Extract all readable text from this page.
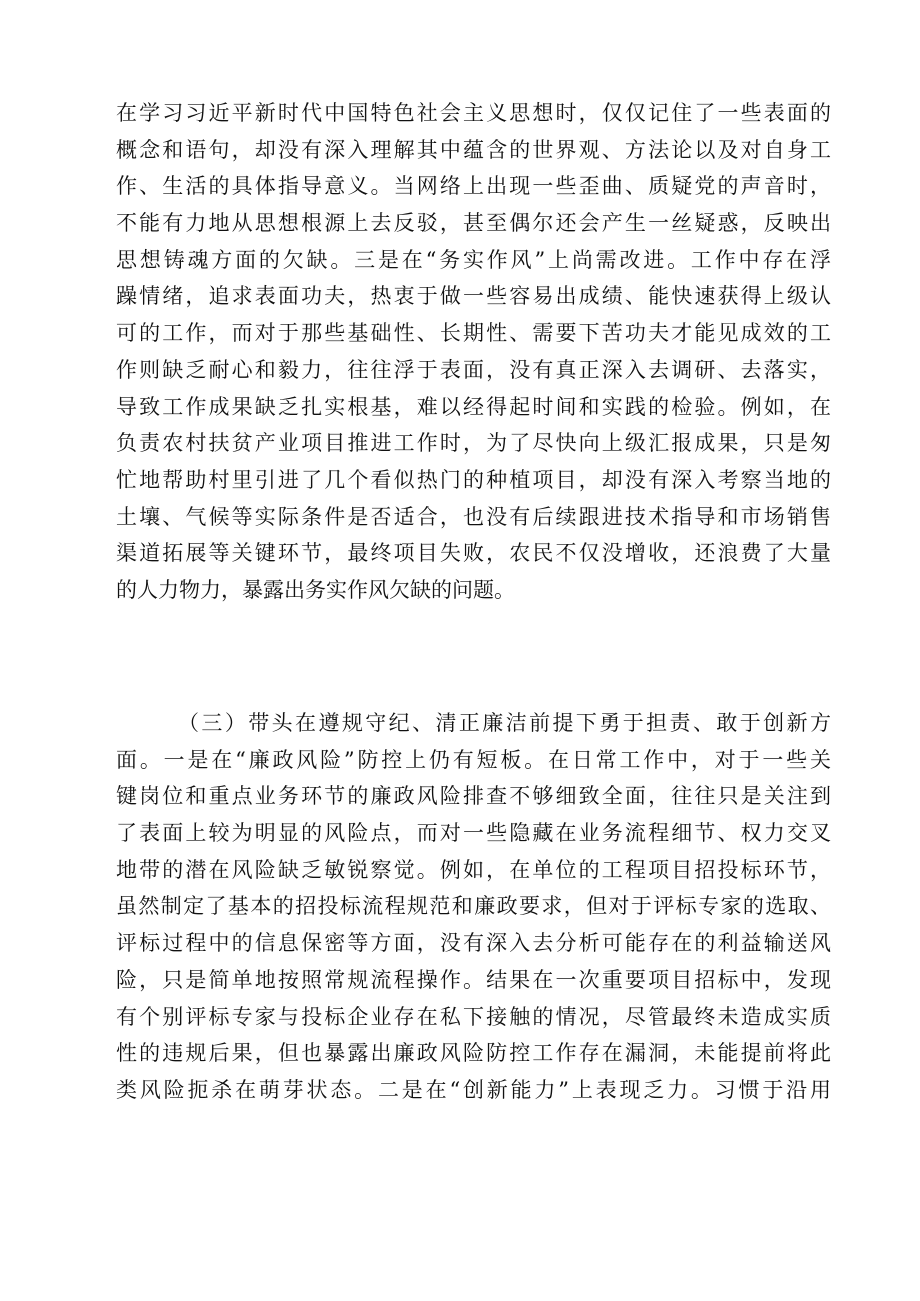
在学习习近平新时代中国特色社会主义思想时，仅仅记住了一些表面的
概念和语句，却没有深入理解其中蕴含的世界观、方法论以及对自身工
作、生活的具体指导意义。当网络上出现一些歪曲、质疑党的声音时，
不能有力地从思想根源上去反驳，甚至偶尔还会产生一丝疑惑，反映出
思想铸魂方面的欠缺。三是在“务实作风”上尚需改进。工作中存在浮
躁情绪，追求表面功夫，热衷于做一些容易出成绩、能快速获得上级认
可的工作，而对于那些基础性、长期性、需要下苦功夫才能见成效的工
作则缺乏耐心和毅力，往往浮于表面，没有真正深入去调研、去落实，
导致工作成果缺乏扎实根基，难以经得起时间和实践的检验。例如，在
负责农村扶贫产业项目推进工作时，为了尽快向上级汇报成果，只是匆
忙地帮助村里引进了几个看似热门的种植项目，却没有深入考察当地的
土壤、气候等实际条件是否适合，也没有后续跟进技术指导和市场销售
渠道拓展等关键环节，最终项目失败，农民不仅没增收，还浪费了大量
的人力物力，暴露出务实作风欠缺的问题。
（三）带头在遵规守纪、清正廉洁前提下勇于担责、敢于创新方
面。一是在“廉政风险”防控上仍有短板。在日常工作中，对于一些关
键岗位和重点业务环节的廉政风险排查不够细致全面，往往只是关注到
了表面上较为明显的风险点，而对一些隐藏在业务流程细节、权力交叉
地带的潜在风险缺乏敏锐察觉。例如，在单位的工程项目招投标环节，
虽然制定了基本的招投标流程规范和廉政要求，但对于评标专家的选取、
评标过程中的信息保密等方面，没有深入去分析可能存在的利益输送风
险，只是简单地按照常规流程操作。结果在一次重要项目招标中，发现
有个别评标专家与投标企业存在私下接触的情况，尽管最终未造成实质
性的违规后果，但也暴露出廉政风险防控工作存在漏洞，未能提前将此
类风险扼杀在萌芽状态。二是在“创新能力”上表现乏力。习惯于沿用
